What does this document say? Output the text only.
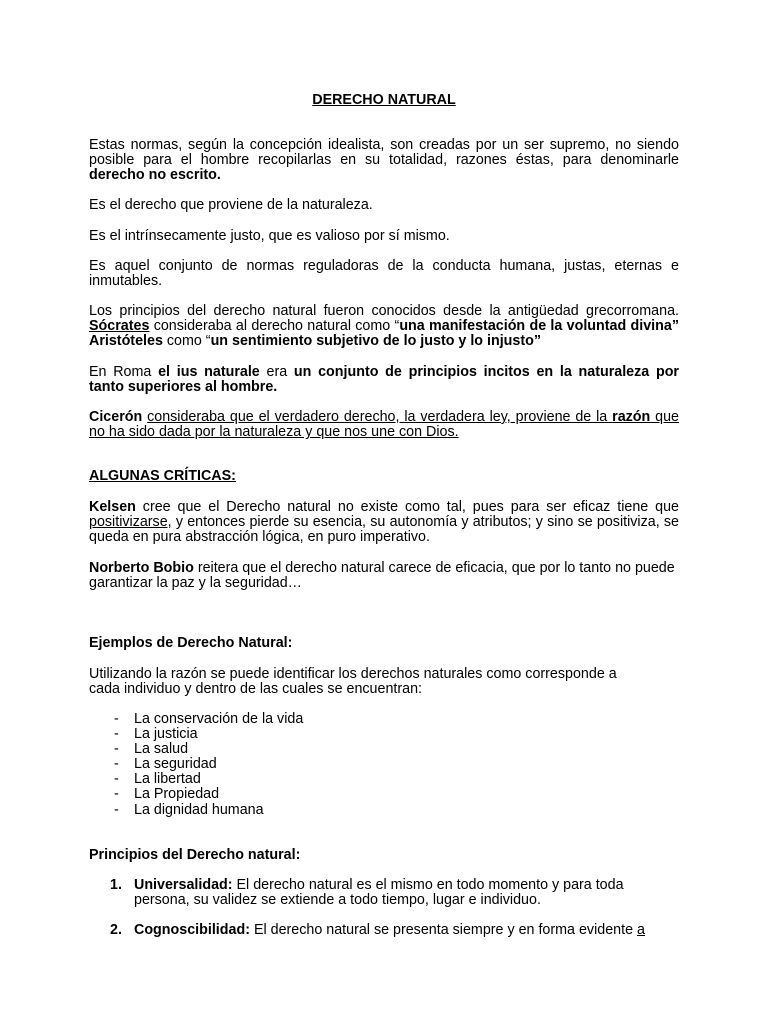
DERECHO NATURAL

Estas normas, según la concepción idealista, son creadas por un ser supremo, no siendo posible para el hombre recopilarlas en su totalidad, razones éstas, para denominarle derecho no escrito.

Es el derecho que proviene de la naturaleza.

Es el intrínsecamente justo, que es valioso por sí mismo.

Es aquel conjunto de normas reguladoras de la conducta humana, justas, eternas e inmutables.

Los principios del derecho natural fueron conocidos desde la antigüedad grecorromana. Sócrates consideraba al derecho natural como “una manifestación de la voluntad divina” Aristóteles como “un sentimiento subjetivo de lo justo y lo injusto”

En Roma el ius naturale era un conjunto de principios incitos en la naturaleza por tanto superiores al hombre.

Cicerón consideraba que el verdadero derecho, la verdadera ley, proviene de la razón que no ha sido dada por la naturaleza y que nos une con Dios.

ALGUNAS CRÍTICAS:

Kelsen cree que el Derecho natural no existe como tal, pues para ser eficaz tiene que positivizarse, y entonces pierde su esencia, su autonomía y atributos; y sino se positiviza, se queda en pura abstracción lógica, en puro imperativo.

Norberto Bobio reitera que el derecho natural carece de eficacia, que por lo tanto no puede garantizar la paz y la seguridad…

Ejemplos de Derecho Natural:

Utilizando la razón se puede identificar los derechos naturales como corresponde a
cada individuo y dentro de las cuales se encuentran:

- La conservación de la vida
- La justicia
- La salud
- La seguridad
- La libertad
- La Propiedad
- La dignidad humana

Principios del Derecho natural:

1. Universalidad: El derecho natural es el mismo en todo momento y para toda
persona, su validez se extiende a todo tiempo, lugar e individuo.
2. Cognoscibilidad: El derecho natural se presenta siempre y en forma evidente a
